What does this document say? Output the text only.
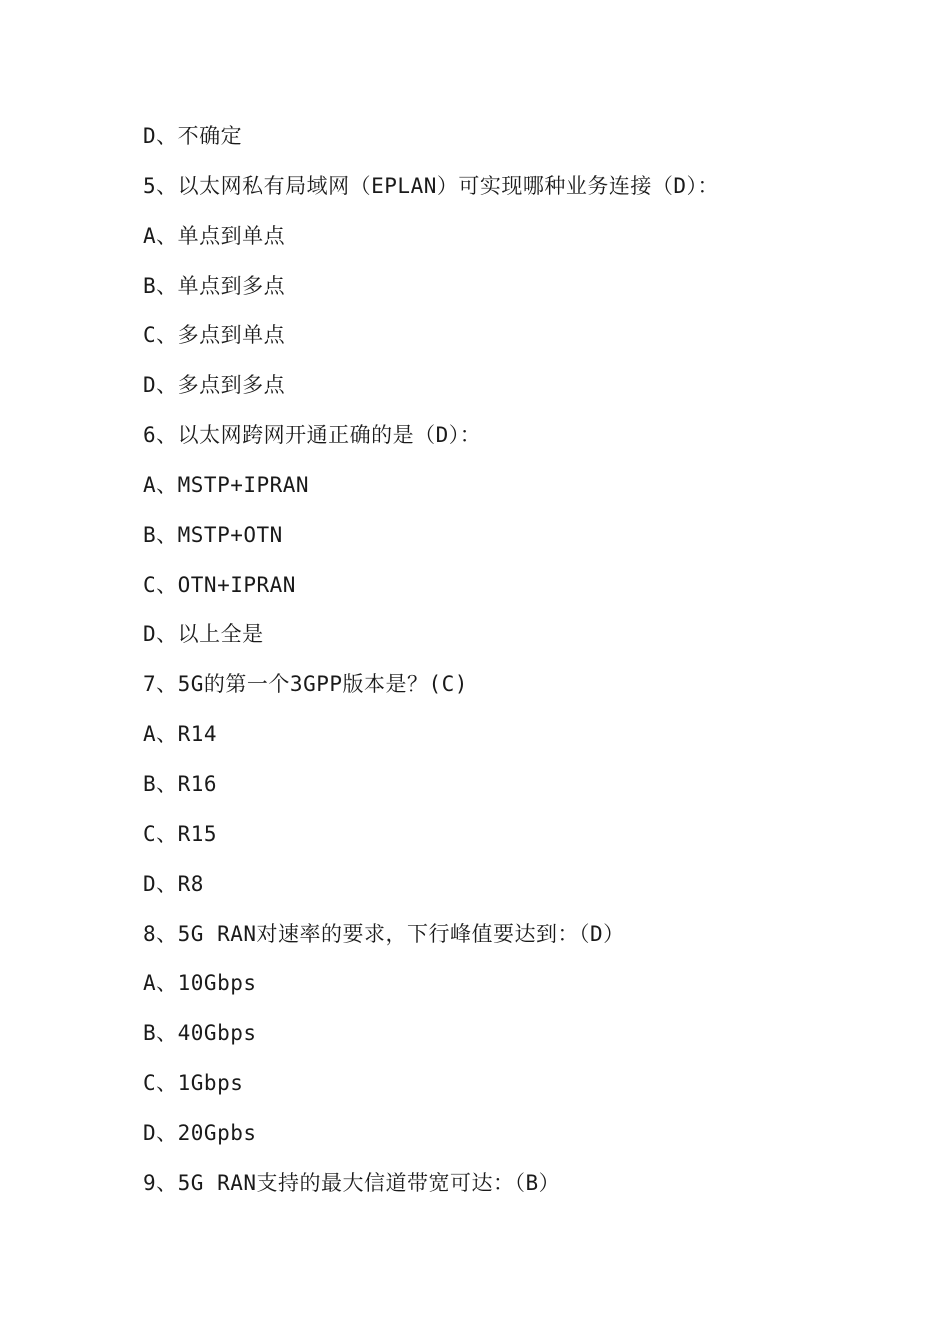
D、不确定
5、以太网私有局域网（EPLAN）可实现哪种业务连接（D）：
A、单点到单点
B、单点到多点
C、多点到单点
D、多点到多点
6、以太网跨网开通正确的是（D）：
A、MSTP+IPRAN
B、MSTP+OTN
C、OTN+IPRAN
D、以上全是
7、5G的第一个3GPP版本是？(C)
A、R14
B、R16
C、R15
D、R8
8、5G RAN对速率的要求，下行峰值要达到：（D）
A、10Gbps
B、40Gbps
C、1Gbps
D、20Gpbs
9、5G RAN支持的最大信道带宽可达：（B）
